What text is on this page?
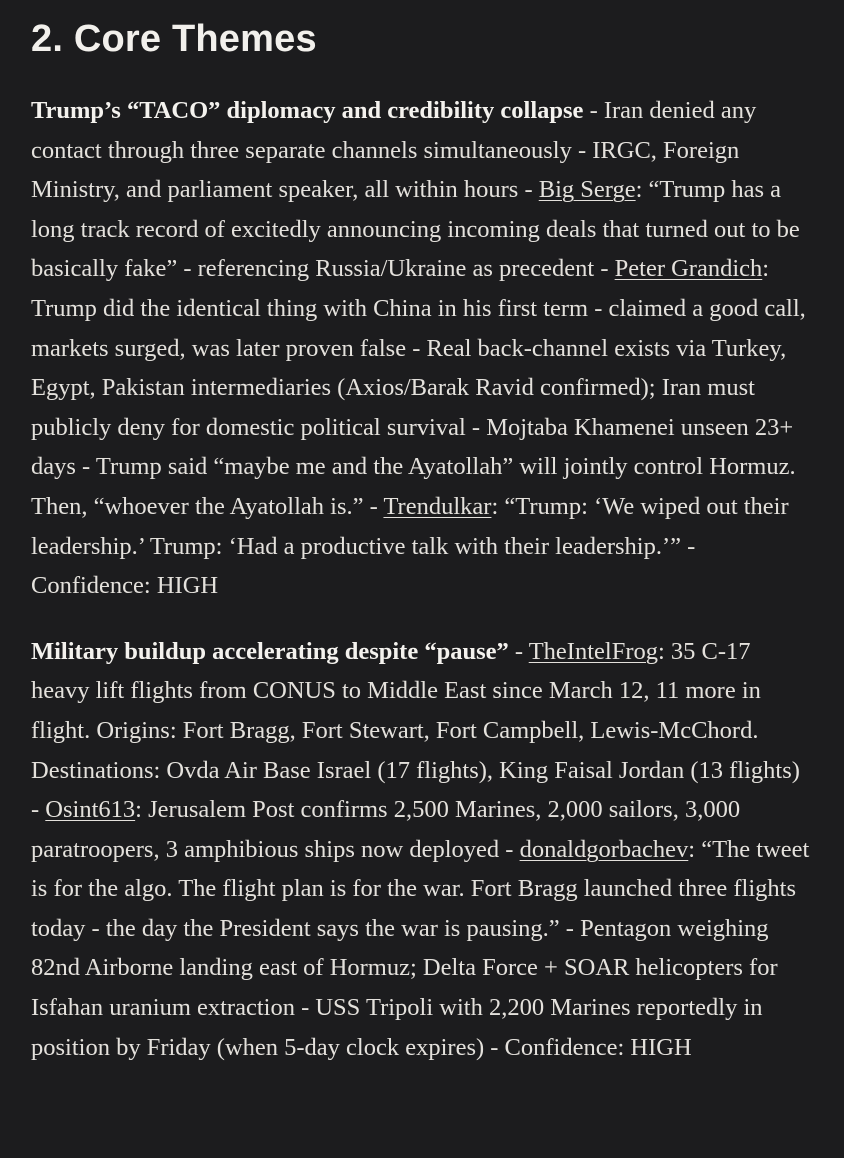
2. Core Themes

Trump’s “TACO” diplomacy and credibility collapse - Iran denied any contact through three separate channels simultaneously - IRGC, Foreign Ministry, and parliament speaker, all within hours - Big Serge: “Trump has a long track record of excitedly announcing incoming deals that turned out to be basically fake” - referencing Russia/Ukraine as precedent - Peter Grandich: Trump did the identical thing with China in his first term - claimed a good call, markets surged, was later proven false - Real back-channel exists via Turkey, Egypt, Pakistan intermediaries (Axios/Barak Ravid confirmed); Iran must publicly deny for domestic political survival - Mojtaba Khamenei unseen 23+ days - Trump said “maybe me and the Ayatollah” will jointly control Hormuz. Then, “whoever the Ayatollah is.” - Trendulkar: “Trump: ‘We wiped out their leadership.’ Trump: ‘Had a productive talk with their leadership.’” - Confidence: HIGH

Military buildup accelerating despite “pause” - TheIntelFrog: 35 C-17 heavy lift flights from CONUS to Middle East since March 12, 11 more in flight. Origins: Fort Bragg, Fort Stewart, Fort Campbell, Lewis-McChord. Destinations: Ovda Air Base Israel (17 flights), King Faisal Jordan (13 flights) - Osint613: Jerusalem Post confirms 2,500 Marines, 2,000 sailors, 3,000 paratroopers, 3 amphibious ships now deployed - donaldgorbachev: “The tweet is for the algo. The flight plan is for the war. Fort Bragg launched three flights today - the day the President says the war is pausing.” - Pentagon weighing 82nd Airborne landing east of Hormuz; Delta Force + SOAR helicopters for Isfahan uranium extraction - USS Tripoli with 2,200 Marines reportedly in position by Friday (when 5-day clock expires) - Confidence: HIGH
